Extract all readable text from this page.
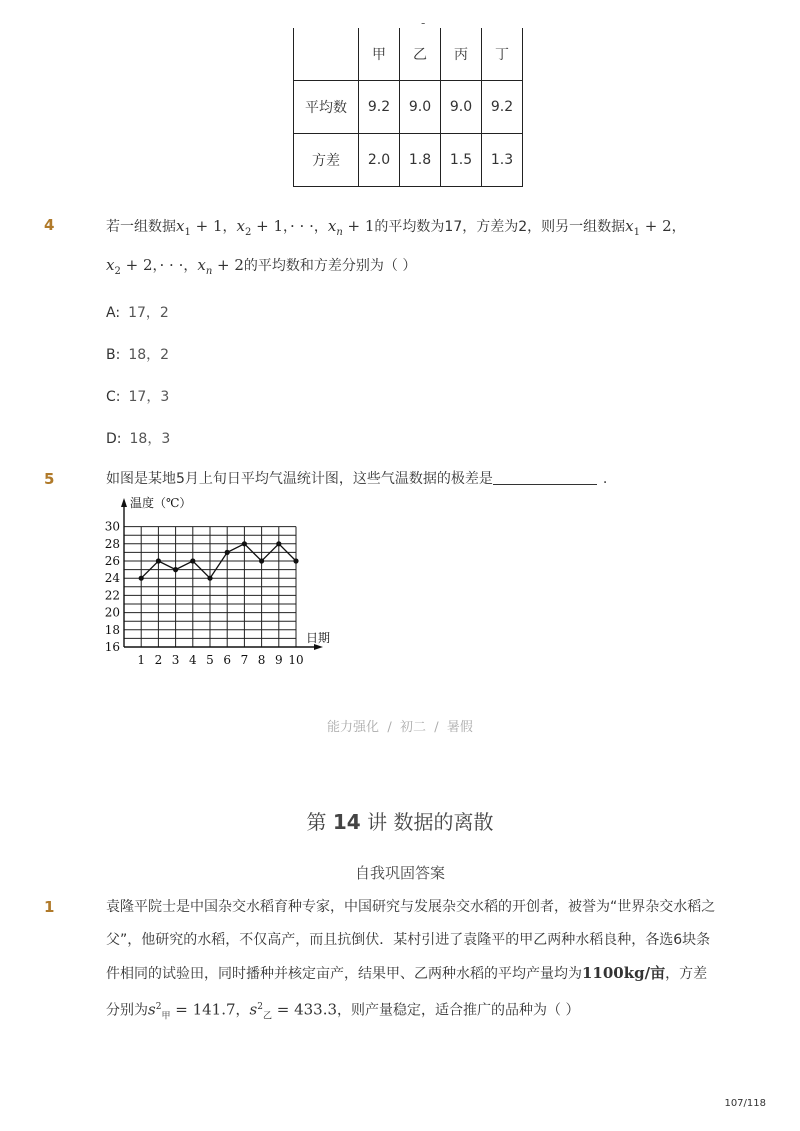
-
	甲	乙	丙	丁
平均数	9.2	9.0	9.0	9.2
方差	2.0	1.8	1.5	1.3
4	若一组数据$x_1 + 1$，$x_2 + 1$，· · ·，$x_n + 1$的平均数为17，方差为2，则另一组数据$x_1 + 2$，
$x_2 + 2$，· · ·，$x_n + 2$的平均数和方差分别为（ ）
A: 17，2
B: 18，2
C: 17，3
D: 18，3
5	如图是某地5月上旬日平均气温统计图，这些气温数据的极差是	.
16
18
20
22
24
26
28
30
1 2 3 4 5 6 7 8 9 10
温度（℃）
日期
能力强化 / 初二 / 暑假
第 14 讲 数据的离散
自我巩固答案
1	袁隆平院士是中国杂交水稻育种专家，中国研究与发展杂交水稻的开创者，被誉为“世界杂交水稻之父”，他研究的水稻，不仅高产，而且抗倒伏．某村引进了袁隆平的甲乙两种水稻良种，各选6块条件相同的试验田，同时播种并核定亩产，结果甲、乙两种水稻的平均产量均为1100kg/亩，方差分别为$s^2_甲 = 141.7$，$s^2_乙 = 433.3$，则产量稳定，适合推广的品种为（ ）
107/118
